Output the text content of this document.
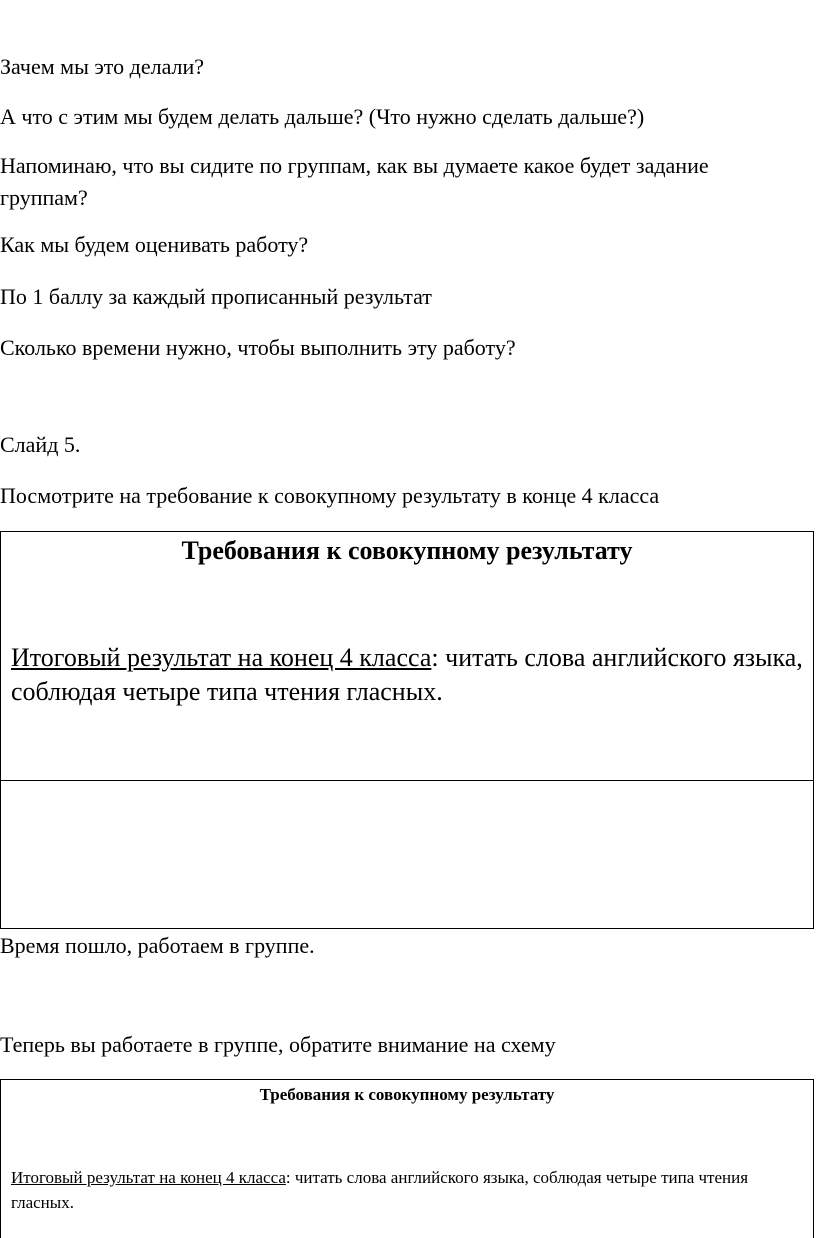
Зачем мы это делали?

А что с этим мы будем делать дальше? (Что нужно сделать дальше?)

Напоминаю, что вы сидите по группам, как вы думаете какое будет задание группам?

Как мы будем оценивать работу?

По 1 баллу за каждый прописанный результат

Сколько времени нужно, чтобы выполнить эту работу?

Слайд 5.

Посмотрите на требование к совокупному результату в конце 4 класса

Требования к совокупному результату
Итоговый результат на конец 4 класса: читать слова английского языка, соблюдая четыре типа чтения гласных.

Время пошло, работаем в группе.

Теперь вы работаете в группе, обратите внимание на схему

Требования к совокупному результату
Итоговый результат на конец 4 класса: читать слова английского языка, соблюдая четыре типа чтения гласных.
